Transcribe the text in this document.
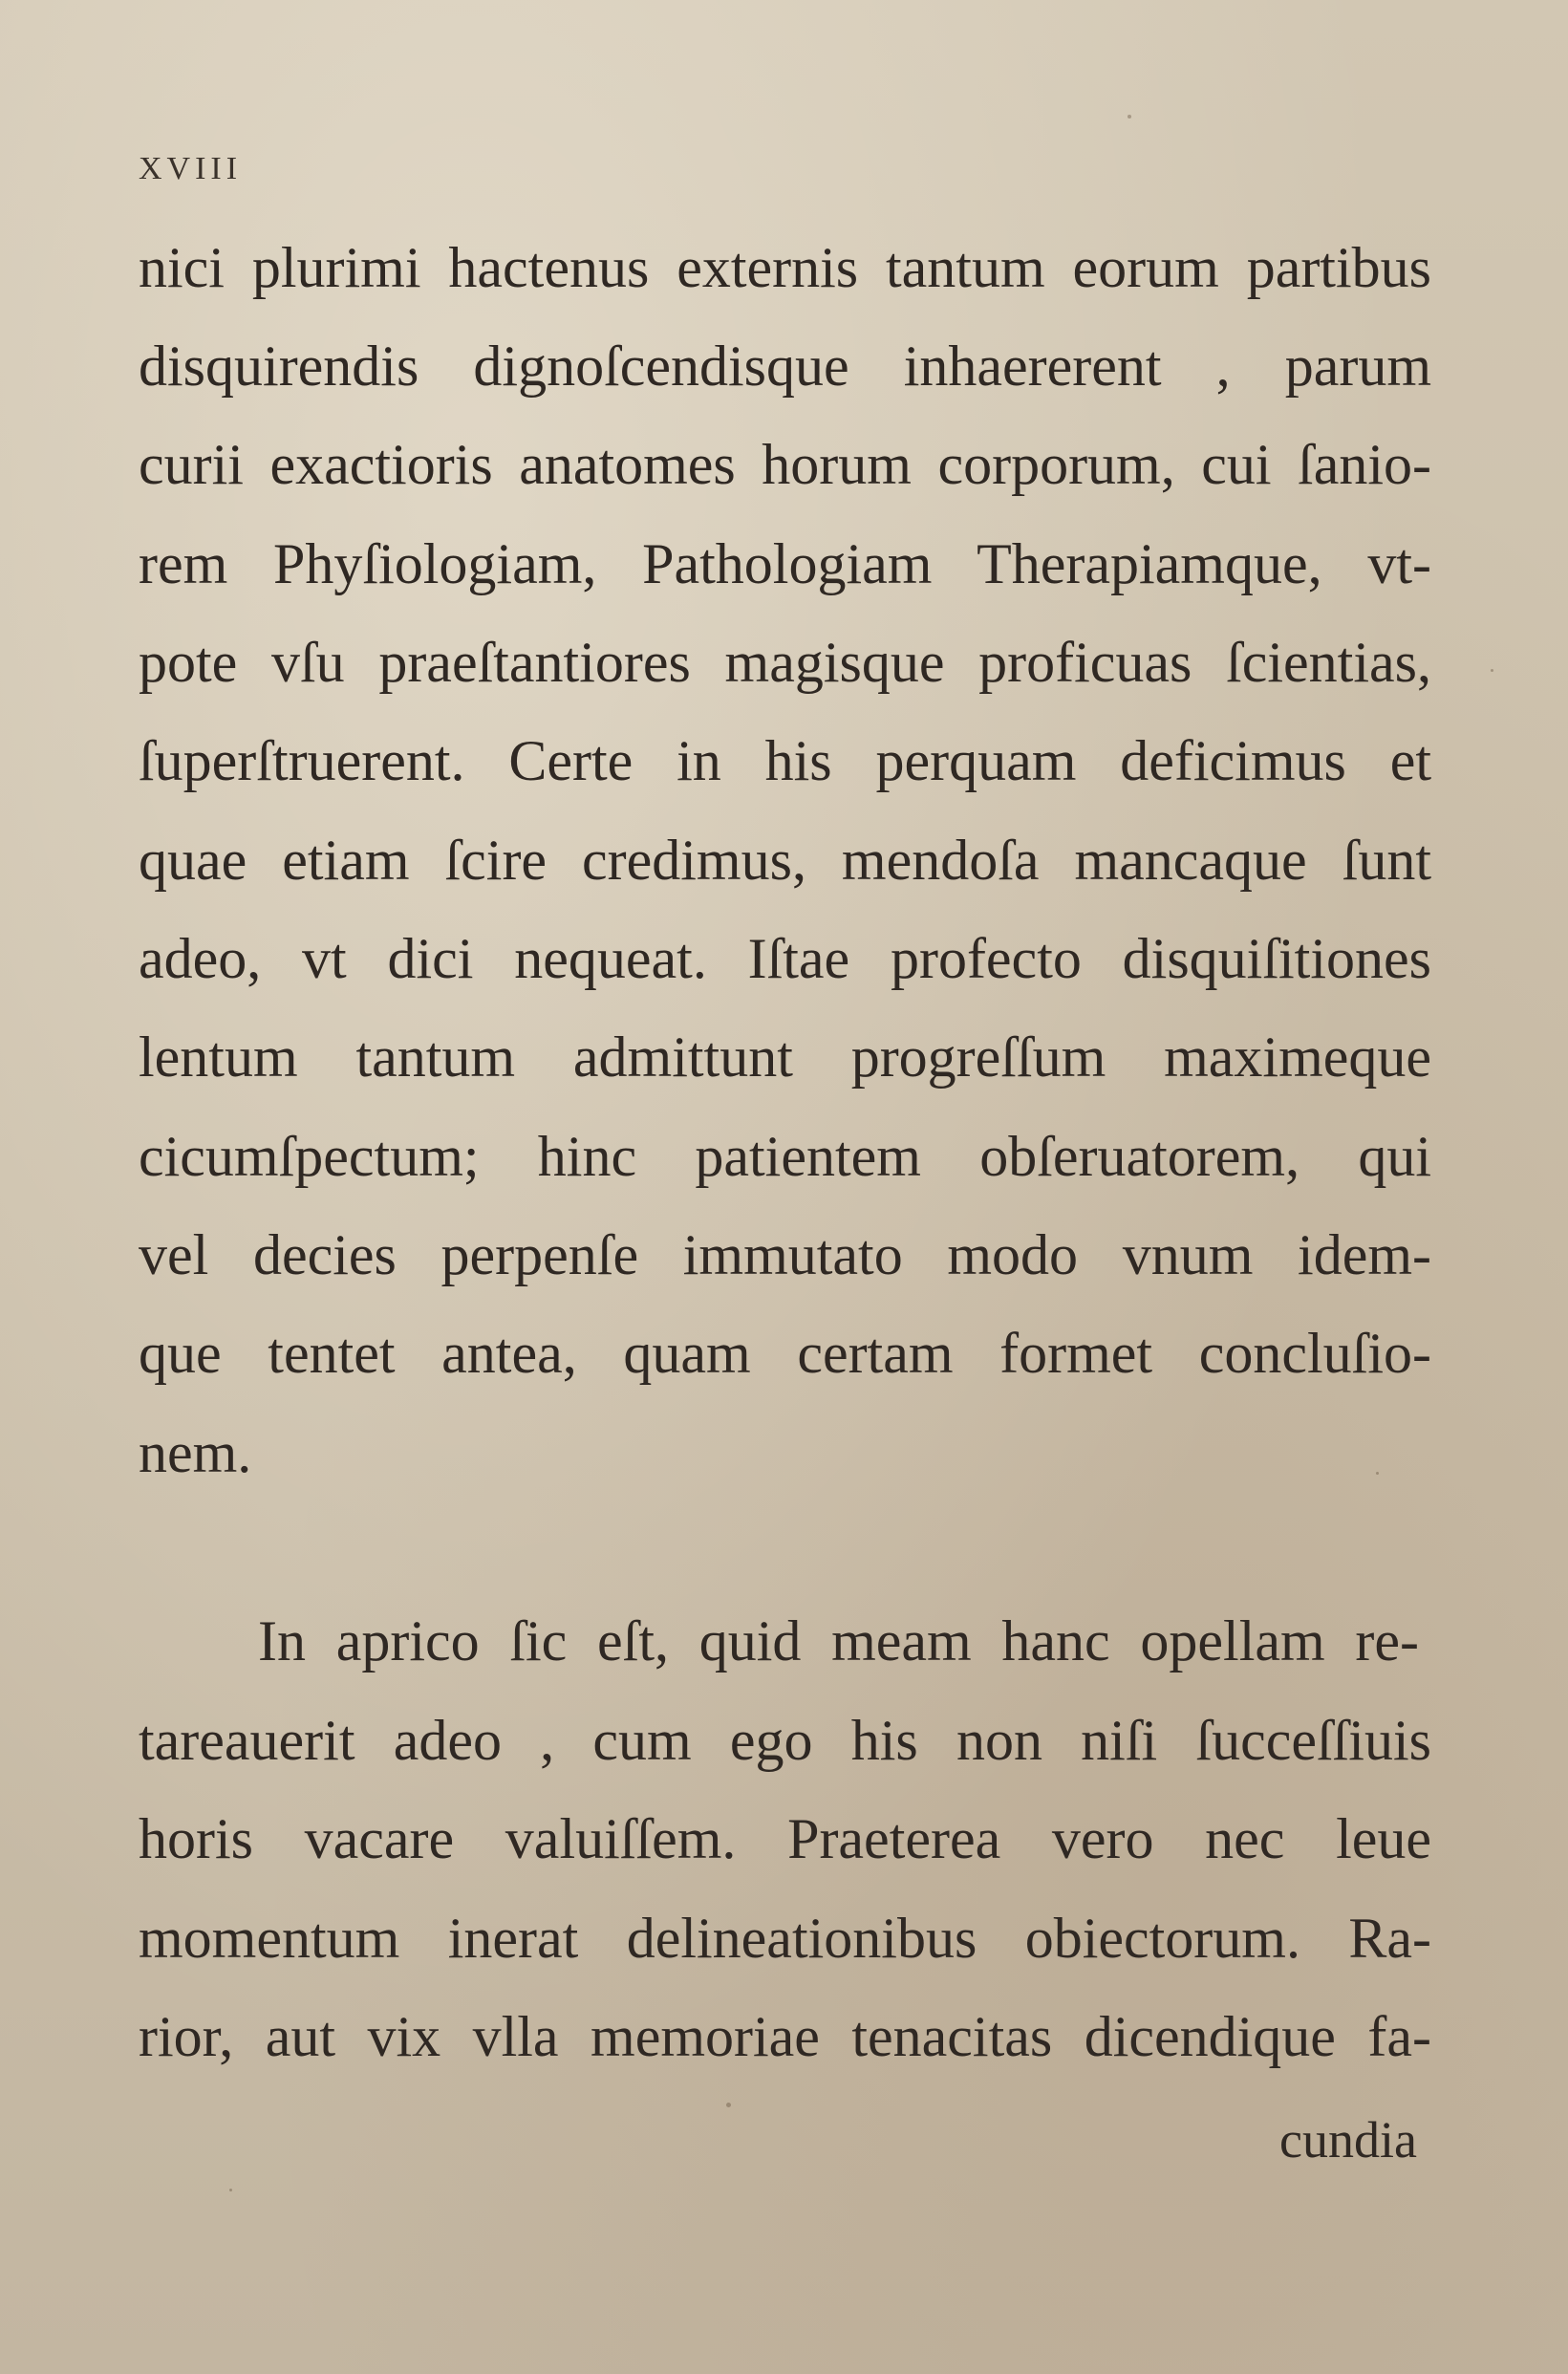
XVIII
nici plurimi hactenus externis tantum eorum partibus
disquirendis dignoſcendisque inhaererent , parum
curii exactioris anatomes horum corporum, cui ſanio-
rem Phyſiologiam, Pathologiam Therapiamque, vt-
pote vſu praeſtantiores magisque proficuas ſcientias,
ſuperſtruerent. Certe in his perquam deficimus et
quae etiam ſcire credimus, mendoſa mancaque ſunt
adeo, vt dici nequeat. Iſtae profecto disquiſitiones
lentum tantum admittunt progreſſum maximeque
cicumſpectum; hinc patientem obſeruatorem, qui
vel decies perpenſe immutato modo vnum idem-
que tentet antea, quam certam formet concluſio-
nem.
In aprico ſic eſt, quid meam hanc opellam re-
tareauerit adeo , cum ego his non niſi ſucceſſiuis
horis vacare valuiſſem. Praeterea vero nec leue
momentum inerat delineationibus obiectorum. Ra-
rior, aut vix vlla memoriae tenacitas dicendique fa-
cundia
